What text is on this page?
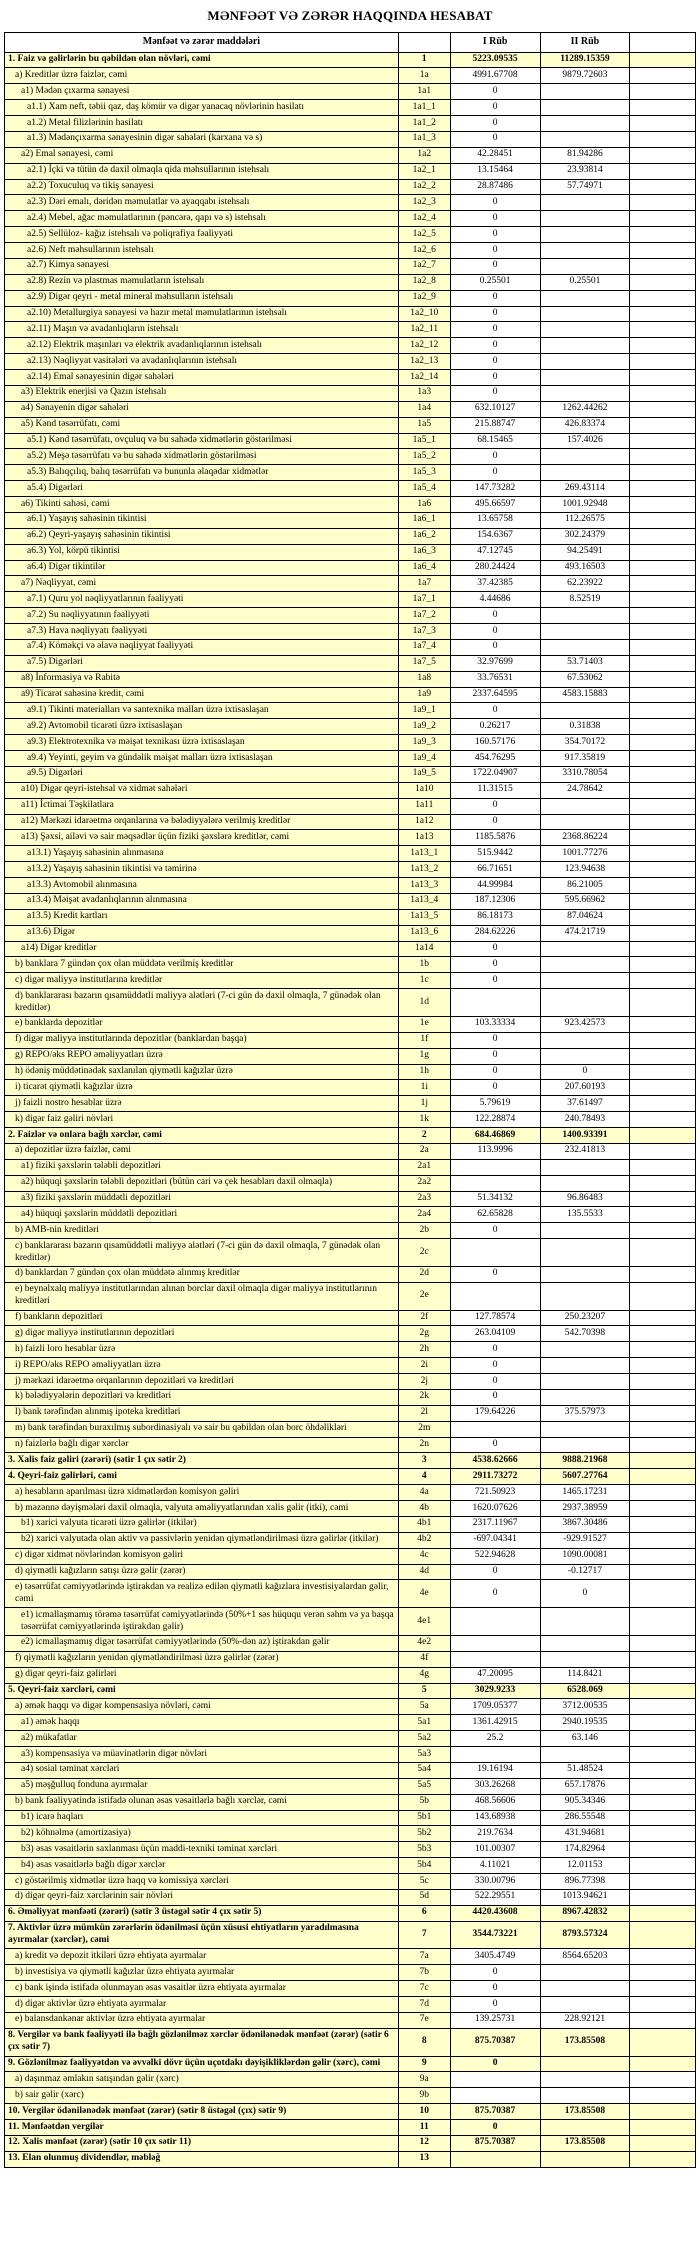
MƏNFƏƏT VƏ ZƏRƏR HAQQINDA HESABAT
Mənfəət və zərər maddələri		I Rüb	II Rüb	
1. Faiz və gəlirlərin bu qəbildən olan növləri, cəmi	1	5223.09535	11289.15359	
a) Kreditlər üzrə faizlər, cəmi	1a	4991.67708	9879.72603	
a1) Mədən çıxarma sənayesi	1a1	0		
a1.1) Xam neft, təbii qaz, daş kömür və digər yanacaq növlərinin hasilatı	1a1_1	0		
a1.2) Metal filizlərinin hasilatı	1a1_2	0		
a1.3) Mədənçıxarma sənayesinin digər sahələri (karxana və s)	1a1_3	0		
a2) Emal sənayesi, cəmi	1a2	42.28451	81.94286	
a2.1) İçki və tütün də daxil olmaqla qida məhsullarının istehsalı	1a2_1	13.15464	23.93814	
a2.2) Toxuculuq və tikiş sənayesi	1a2_2	28.87486	57.74971	
a2.3) Dəri emalı, dəridən məmulatlar və ayaqqabı istehsalı	1a2_3	0		
a2.4) Mebel, ağac məmulatlarının (pəncərə, qapı və s) istehsalı	1a2_4	0		
a2.5) Sellüloz- kağız istehsalı və poliqrafiya fəaliyyəti	1a2_5	0		
a2.6) Neft məhsullarının istehsalı	1a2_6	0		
a2.7) Kimya sənayesi	1a2_7	0		
a2.8) Rezin və plastmas məmulatların istehsalı	1a2_8	0.25501	0.25501	
a2.9) Digər qeyri - metal mineral məhsulların istehsalı	1a2_9	0		
a2.10) Metallurgiya sənayesi və hazır metal məmulatlarının istehsalı	1a2_10	0		
a2.11) Maşın və avadanlıqların istehsalı	1a2_11	0		
a2.12) Elektrik maşınları və elektrik avadanlıqlarının istehsalı	1a2_12	0		
a2.13) Nəqliyyat vasitələri və avadanlıqlarının istehsalı	1a2_13	0		
a2.14) Emal sənayesinin digər sahələri	1a2_14	0		
a3) Elektrik enerjisi və Qazın istehsalı	1a3	0		
a4) Sənayenin digər sahələri	1a4	632.10127	1262.44262	
a5) Kənd təsərrüfatı, cəmi	1a5	215.88747	426.83374	
a5.1) Kənd təsərrüfatı, ovçuluq və bu sahədə xidmətlərin göstərilməsi	1a5_1	68.15465	157.4026	
a5.2) Meşə təsərrüfatı və bu sahədə xidmətlərin göstərilməsi	1a5_2	0		
a5.3) Balıqçılıq, balıq təsərrüfatı və bununla əlaqədar xidmətlər	1a5_3	0		
a5.4) Digərləri	1a5_4	147.73282	269.43114	
a6) Tikinti sahəsi, cəmi	1a6	495.66597	1001.92948	
a6.1) Yaşayış sahəsinin tikintisi	1a6_1	13.65758	112.26575	
a6.2) Qeyri-yaşayış sahəsinin tikintisi	1a6_2	154.6367	302.24379	
a6.3) Yol, körpü tikintisi	1a6_3	47.12745	94.25491	
a6.4) Digər tikintilər	1a6_4	280.24424	493.16503	
a7) Nəqliyyat, cəmi	1a7	37.42385	62.23922	
a7.1) Quru yol nəqliyyatlarının fəaliyyəti	1a7_1	4.44686	8.52519	
a7.2) Su nəqliyyatının fəaliyyəti	1a7_2	0		
a7.3) Hava nəqliyyatı fəaliyyəti	1a7_3	0		
a7.4) Köməkçi və əlavə nəqliyyat fəaliyyəti	1a7_4	0		
a7.5) Digərləri	1a7_5	32.97699	53.71403	
a8) İnformasiya və Rabitə	1a8	33.76531	67.53062	
a9) Ticarət sahəsinə kredit, cəmi	1a9	2337.64595	4583.15883	
a9.1) Tikinti materialları və santexnika malları üzrə ixtisaslaşan	1a9_1	0		
a9.2) Avtomobil ticarəti üzrə ixtisaslaşan	1a9_2	0.26217	0.31838	
a9.3) Elektrotexnika və məişət texnikası üzrə ixtisaslaşan	1a9_3	160.57176	354.70172	
a9.4) Yeyinti, geyim və gündəlik məişət malları üzrə ixtisaslaşan	1a9_4	454.76295	917.35819	
a9.5) Digərləri	1a9_5	1722.04907	3310.78054	
a10) Digər qeyri-istehsal və xidmət sahələri	1a10	11.31515	24.78642	
a11) İctimai Təşkilatlara	1a11	0		
a12) Mərkəzi idarəetmə orqanlarına və bələdiyyələrə verilmiş kreditlər	1a12	0		
a13) Şəxsi, ailəvi və sair məqsədlər üçün fiziki şəxslərə kreditlər, cəmi	1a13	1185.5876	2368.86224	
a13.1) Yaşayış sahəsinin alınmasına	1a13_1	515.9442	1001.77276	
a13.2) Yaşayış sahəsinin tikintisi və təmirinə	1a13_2	66.71651	123.94638	
a13.3) Avtomobil alınmasına	1a13_3	44.99984	86.21005	
a13.4) Məişət avadanlıqlarının alınmasına	1a13_4	187.12306	595.66962	
a13.5) Kredit kartları	1a13_5	86.18173	87.04624	
a13.6) Digər	1a13_6	284.62226	474.21719	
a14) Digər kreditlər	1a14	0		
b) banklara 7 gündən çox olan müddətə verilmiş kreditlər	1b	0		
c) digər maliyyə institutlarına kreditlər	1c	0		
d) banklararası bazarın qısamüddətli maliyyə alətləri (7-ci gün də daxil olmaqla, 7 günədək olan kreditlər)	1d			
e) banklarda depozitlər	1e	103.33334	923.42573	
f) digər maliyyə institutlarında depozitlər (banklardan başqa)	1f	0		
g) REPO/əks REPO əməliyyatları üzrə	1g	0		
h) ödəniş müddətinədək saxlanılan qiymətli kağızlar üzrə	1h	0	0	
i) ticarət qiymətli kağızlar üzrə	1i	0	207.60193	
j) faizli nostro hesablar üzrə	1j	5.79619	37.61497	
k) digər faiz gəliri növləri	1k	122.28874	240.78493	
2. Faizlər və onlara bağlı xərclər, cəmi	2	684.46869	1400.93391	
a) depozitlər üzrə faizlər, cəmi	2a	113.9996	232.41813	
a1) fiziki şəxslərin tələbli depozitləri	2a1			
a2) hüquqi şəxslərin tələbli depozitləri (bütün cari və çek hesabları daxil olmaqla)	2a2			
a3) fiziki şəxslərin müddətli depozitləri	2a3	51.34132	96.86483	
a4) hüquqi şəxslərin müddətli depozitləri	2a4	62.65828	135.5533	
b) AMB-nin kreditləri	2b	0		
c) banklararası bazarın qısamüddətli maliyyə alətləri (7-ci gün də daxil olmaqla, 7 günədək olan kreditlər)	2c			
d) banklardan 7 gündən çox olan müddətə alınmış kreditlər	2d	0		
e) beynəlxalq maliyyə institutlarından alınan borclar daxil olmaqla digər maliyyə institutlarının kreditləri	2e			
f) bankların depozitləri	2f	127.78574	250.23207	
g) digər maliyyə institutlarının depozitləri	2g	263.04109	542.70398	
h) faizli loro hesablar üzrə	2h	0		
i) REPO/əks REPO əməliyyatları üzrə	2i	0		
j) mərkəzi idarəetmə orqanlarının depozitləri və kreditləri	2j	0		
k) bələdiyyələrin depozitləri və kreditləri	2k	0		
l) bank tərəfindən alınmış ipoteka kreditləri	2l	179.64226	375.57973	
m) bank tərəfindən buraxılmış subordinasiyalı və sair bu qəbildən olan borc öhdəlikləri	2m			
n) faizlərlə bağlı digər xərclər	2n	0		
3. Xalis faiz gəliri (zərəri) (sətir 1 çıx sətir 2)	3	4538.62666	9888.21968	
4. Qeyri-faiz gəlirləri, cəmi	4	2911.73272	5607.27764	
a) hesabların aparılması üzrə xidmətlərdən komisyon gəliri	4a	721.50923	1465.17231	
b) məzənnə dəyişmələri daxil olmaqla, valyuta əməliyyatlarından xalis gəlir (itki), cəmi	4b	1620.07626	2937.38959	
b1) xarici valyuta ticarəti üzrə gəlirlər (itkilər)	4b1	2317.11967	3867.30486	
b2) xarici valyutada olan aktiv və passivlərin yenidən qiymətləndirilməsi üzrə gəlirlər (itkilər)	4b2	-697.04341	-929.91527	
c) digər xidmət növlərindən komisyon gəliri	4c	522.94628	1090.00081	
d) qiymətli kağızların satışı üzrə gəlir (zərər)	4d	0	-0.12717	
e) təsərrüfat cəmiyyətlərində iştirakdan və realizə edilən qiymətli kağızlara investisiyalardan gəlir, cəmi	4e	0	0	
e1) icmallaşmamış törəmə təsərrüfat cəmiyyətlərində (50%+1 səs hüququ verən səhm və ya başqa təsərrüfat cəmiyyətlərində iştirakdan gəlir)	4e1			
e2) icmallaşmamış digər təsərrüfat cəmiyyətlərində (50%-dən az) iştirakdan gəlir	4e2			
f) qiymətli kağızların yenidən qiymətləndirilməsi üzrə gəlirlər (zərər)	4f			
g) digər qeyri-faiz gəlirləri	4g	47.20095	114.8421	
5. Qeyri-faiz xərcləri, cəmi	5	3029.9233	6528.069	
a) əmək haqqı və digər kompensasiya növləri, cəmi	5a	1709.05377	3712.00535	
a1) əmək haqqı	5a1	1361.42915	2940.19535	
a2) mükafatlar	5a2	25.2	63.146	
a3) kompensasiya və müavinətlərin digər növləri	5a3			
a4) sosial təminat xərcləri	5a4	19.16194	51.48524	
a5) məşğulluq fonduna ayırmalar	5a5	303.26268	657.17876	
b) bank fəaliyyətində istifadə olunan əsas vəsaitlərlə bağlı xərclər, cəmi	5b	468.56606	905.34346	
b1) icarə haqları	5b1	143.68938	286.55548	
b2) köhnəlmə (amortizasiya)	5b2	219.7634	431.94681	
b3) əsas vəsaitlərin saxlanması üçün maddi-texniki təminat xərcləri	5b3	101.00307	174.82964	
b4) əsas vəsaitlərlə bağlı digər xərclər	5b4	4.11021	12.01153	
c) göstərilmiş xidmətlər üzrə haqq və komissiya xərcləri	5c	330.00796	896.77398	
d) digər qeyri-faiz xərclərinin sair növləri	5d	522.29551	1013.94621	
6. Əməliyyat mənfəəti (zərəri) (sətir 3 üstəgəl sətir 4 çıx sətir 5)	6	4420.43608	8967.42832	
7. Aktivlər üzrə mümkün zərərlərin ödənilməsi üçün xüsusi ehtiyatların yaradılmasına ayırmalar (xərclər), cəmi	7	3544.73221	8793.57324	
a) kredit və depozit itkiləri üzrə ehtiyata ayırmalar	7a	3405.4749	8564.65203	
b) investisiya və qiymətli kağızlar üzrə ehtiyata ayırmalar	7b	0		
c) bank işində istifadə olunmayan əsas vəsaitlər üzrə ehtiyata ayırmalar	7c	0		
d) digər aktivlər üzrə ehtiyata ayırmalar	7d	0		
e) balansdankənar aktivlər üzrə ehtiyata ayırmalar	7e	139.25731	228.92121	
8. Vergilər və bank fəaliyyəti ilə bağlı gözlənilməz xərclər ödənilənədək mənfəət (zərər) (sətir 6 çıx sətir 7)	8	875.70387	173.85508	
9. Gözlənilməz fəaliyyətdən və əvvəlki dövr üçün uçotdakı dəyişikliklərdən gəlir (xərc), cəmi	9	0		
a) daşınmaz əmlakın satışından gəlir (xərc)	9a			
b) sair gəlir (xərc)	9b			
10. Vergilər ödənilənədək mənfəət (zərər) (sətir 8 üstəgəl (çıx) sətir 9)	10	875.70387	173.85508	
11. Mənfəətdən vergilər	11	0		
12. Xalis mənfəət (zərər) (sətir 10 çıx sətir 11)	12	875.70387	173.85508	
13. Elan olunmuş dividendlər, məbləğ	13			
